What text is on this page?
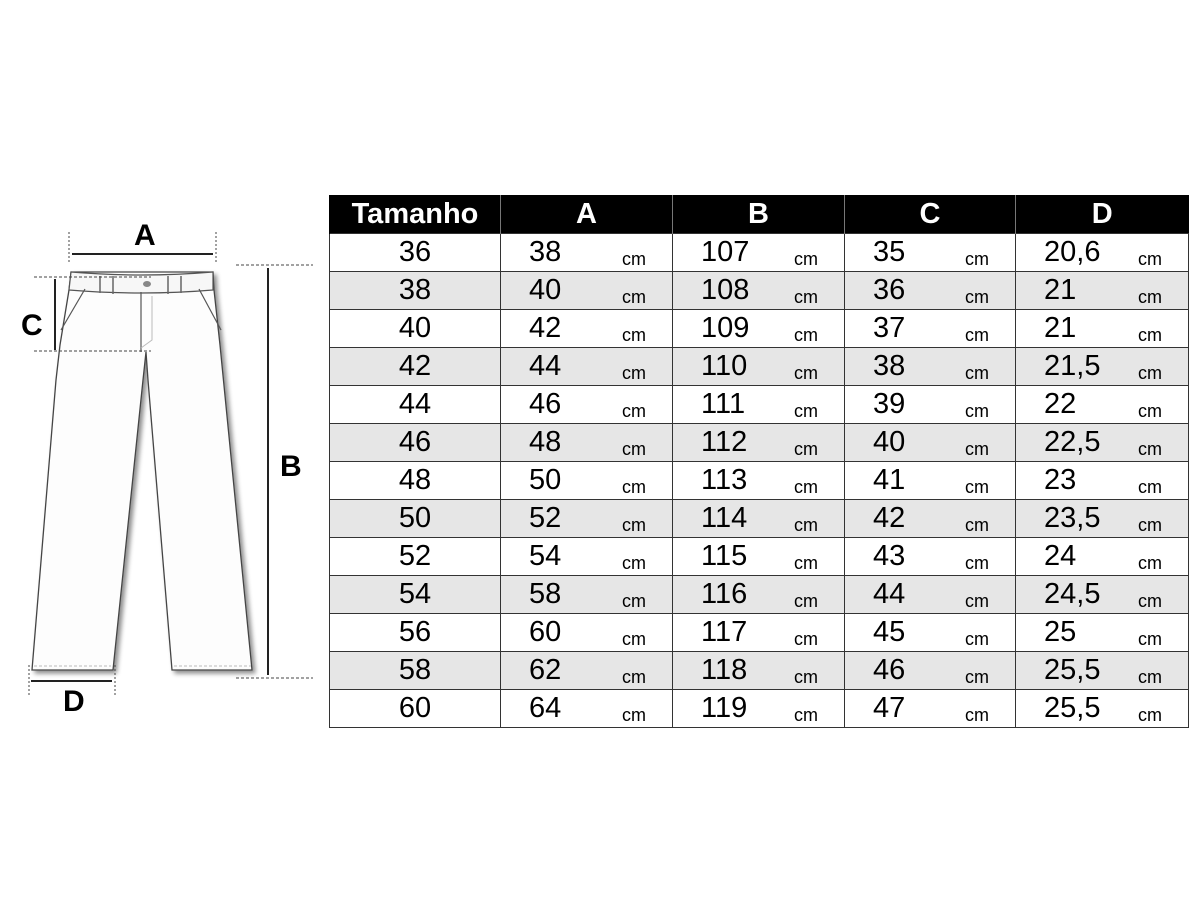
A
C
B
D
Tamanho	A	B	C	D
36	38 cm	107 cm	35 cm	20,6 cm

38	40 cm	108 cm	36 cm	21 cm

40	42 cm	109 cm	37 cm	21 cm

42	44 cm	110 cm	38 cm	21,5 cm

44	46 cm	111 cm	39 cm	22 cm

46	48 cm	112 cm	40 cm	22,5 cm

48	50 cm	113 cm	41 cm	23 cm

50	52 cm	114 cm	42 cm	23,5 cm

52	54 cm	115 cm	43 cm	24 cm

54	58 cm	116 cm	44 cm	24,5 cm

56	60 cm	117 cm	45 cm	25 cm

58	62 cm	118 cm	46 cm	25,5 cm

60	64 cm	119 cm	47 cm	25,5 cm
